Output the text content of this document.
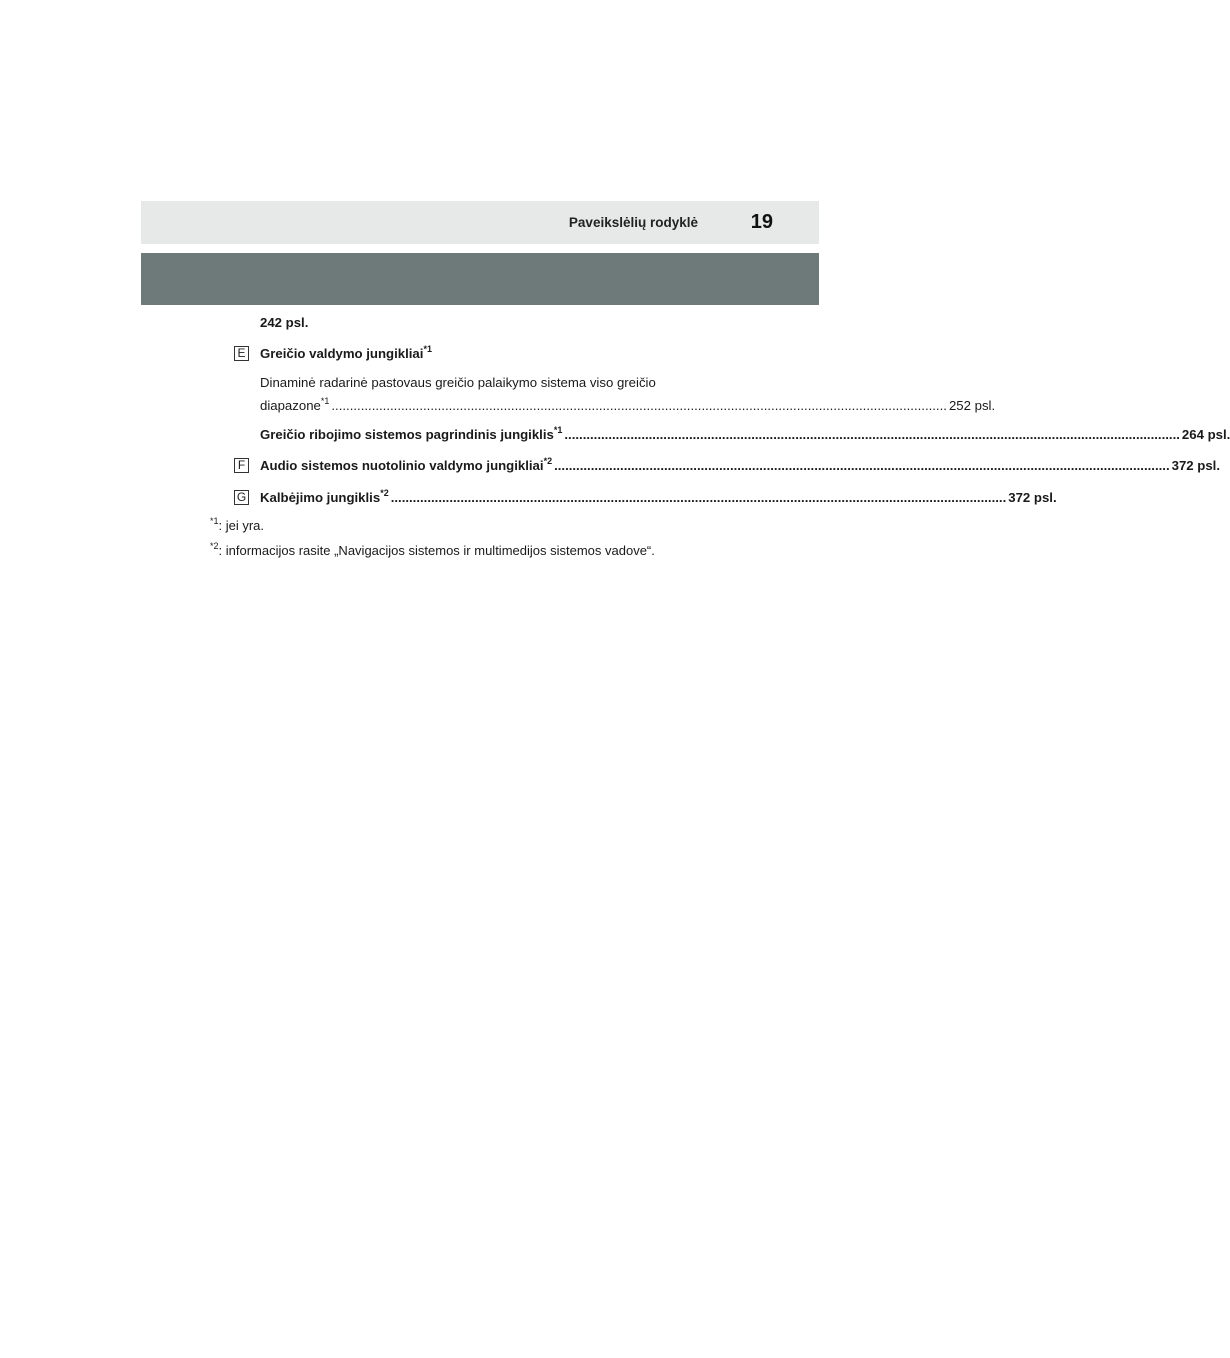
Paveikslėlių rodyklė	19
242 psl.
E Greičio valdymo jungikliai$^{*1}$
Dinaminė radarinė pastovaus greičio palaikymo sistema viso greičio
diapazone$^{*1}$ ........................................................................................................................................................................ 252 psl.
Greičio ribojimo sistemos pagrindinis jungiklis$^{*1}$ ........................................................................................................................................................................ 264 psl.
F Audio sistemos nuotolinio valdymo jungikliai$^{*2}$ ........................................................................................................................................................................ 372 psl.
G Kalbėjimo jungiklis$^{*2}$ ........................................................................................................................................................................ 372 psl.
$^{*1}$: jei yra.
$^{*2}$: informacijos rasite „Navigacijos sistemos ir multimedijos sistemos vadove“.
